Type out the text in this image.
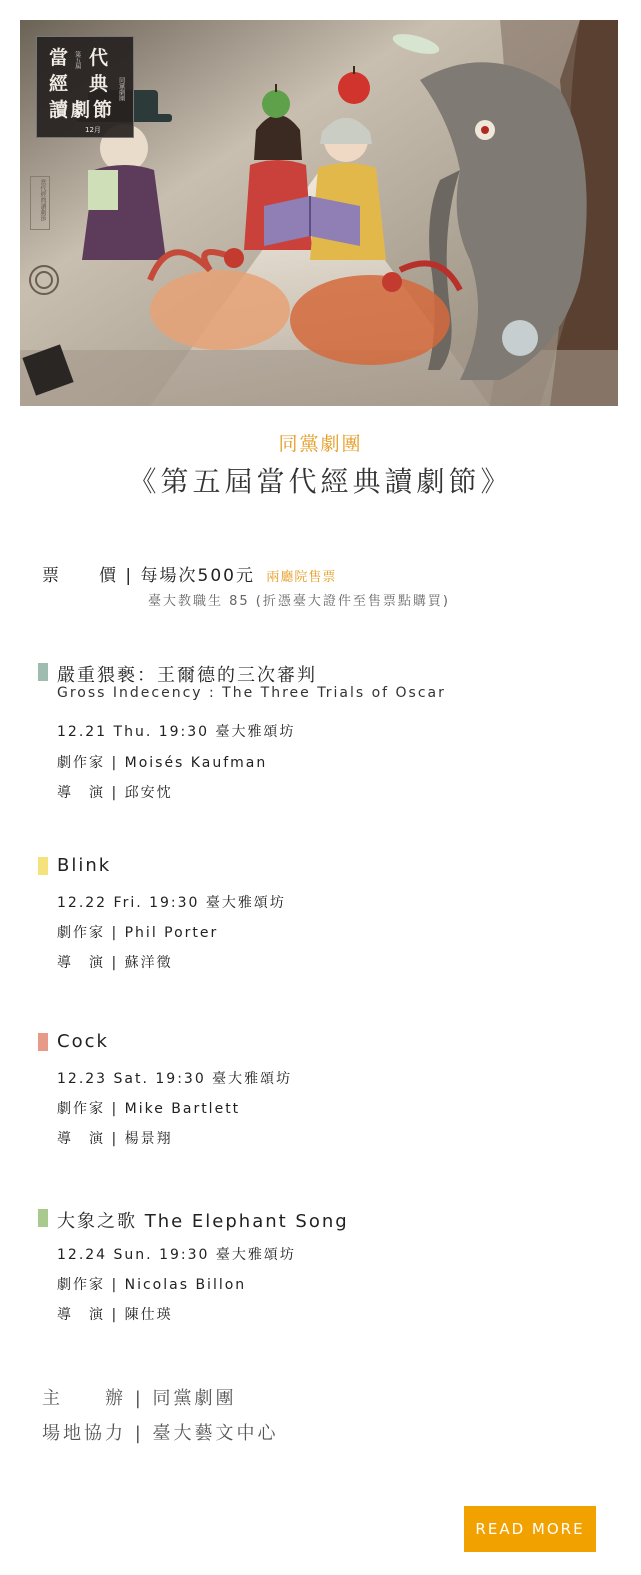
當 代
經 典
讀 劇 節
第五屆
同黨劇團
12月
當代經典讀劇節
同黨劇團
《第五屆當代經典讀劇節》
票　　價 | 每場次500元 兩廳院售票
臺大教職生 85 (折憑臺大證件至售票點購買)
嚴重猥褻：王爾德的三次審判
Gross Indecency : The Three Trials of Oscar
12.21 Thu. 19:30 臺大雅頌坊
劇作家 | Moisés Kaufman
導　演 | 邱安忱
Blink
12.22 Fri. 19:30 臺大雅頌坊
劇作家 | Phil Porter
導　演 | 蘇洋徵
Cock
12.23 Sat. 19:30 臺大雅頌坊
劇作家 | Mike Bartlett
導　演 | 楊景翔
大象之歌 The Elephant Song
12.24 Sun. 19:30 臺大雅頌坊
劇作家 | Nicolas Billon
導　演 | 陳仕瑛
主　　辦 | 同黨劇團
場地協力 | 臺大藝文中心
READ MORE
